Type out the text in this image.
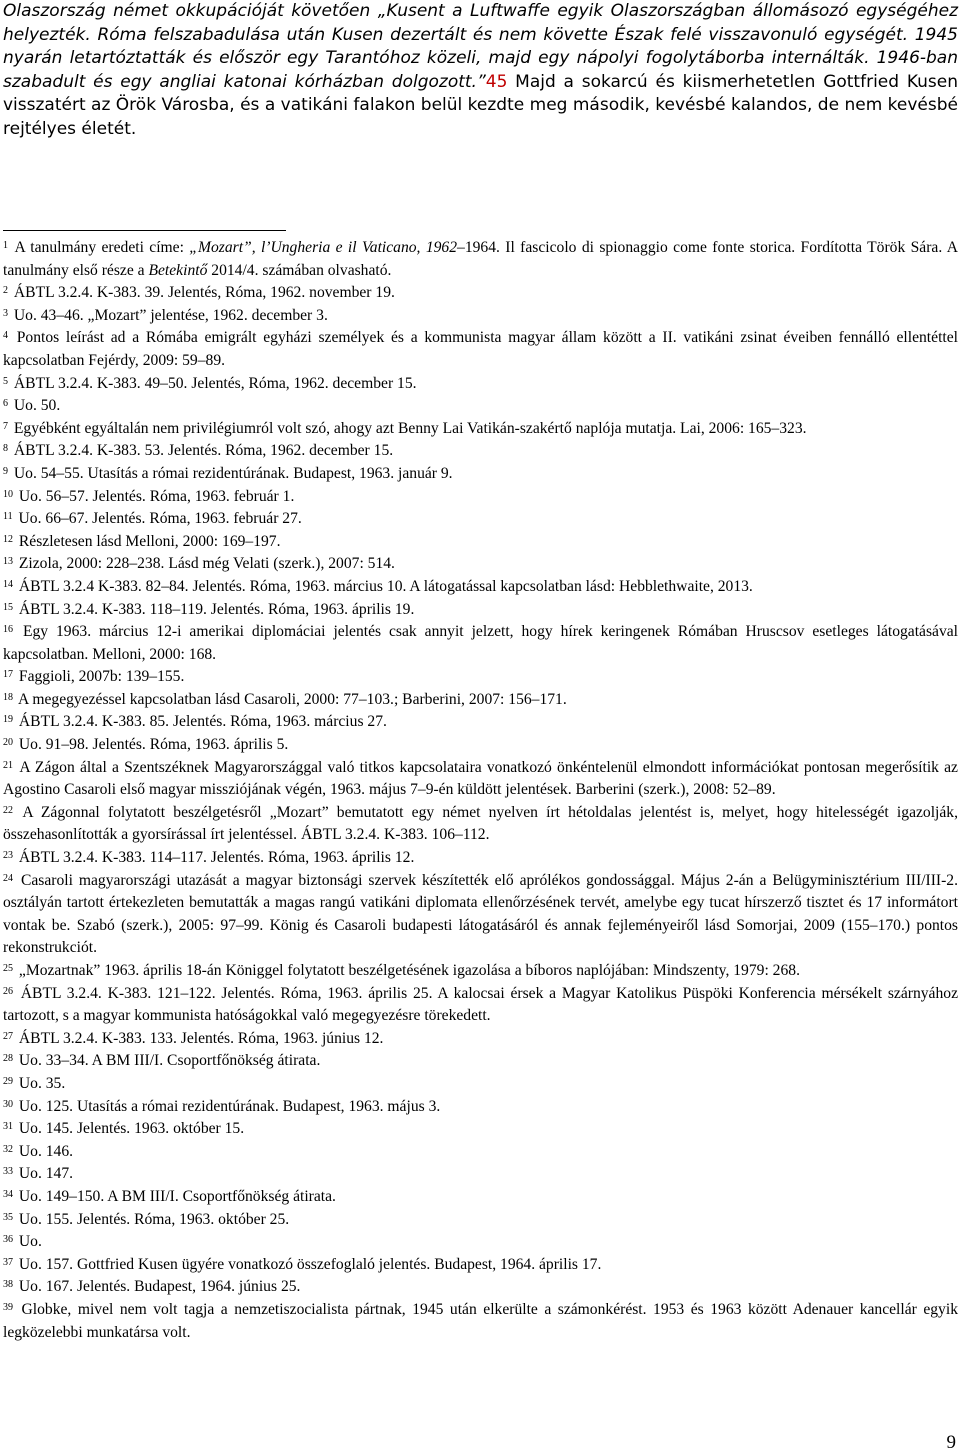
Olaszország német okkupációját követően „Kusent a Luftwaffe egyik Olaszországban állomásozó egységéhez helyezték. Róma felszabadulása után Kusen dezertált és nem követte Észak felé visszavonuló egységét. 1945 nyarán letartóztatták és először egy Tarantóhoz közeli, majd egy nápolyi fogolytáborba internálták. 1946-ban szabadult és egy angliai katonai kórházban dolgozott.”45 Majd a sokarcú és kiismerhetetlen Gottfried Kusen visszatért az Örök Városba, és a vatikáni falakon belül kezdte meg második, kevésbé kalandos, de nem kevésbé rejtélyes életét.

$^1$ A tanulmány eredeti címe: „Mozart”, l’Ungheria e il Vaticano, 1962–1964. Il fascicolo di spionaggio come fonte storica. Fordította Török Sára. A tanulmány első része a Betekintő 2014/4. számában olvasható.

$^2$ ÁBTL 3.2.4. K-383. 39. Jelentés, Róma, 1962. november 19.

$^3$ Uo. 43–46. „Mozart” jelentése, 1962. december 3.

$^4$ Pontos leírást ad a Rómába emigrált egyházi személyek és a kommunista magyar állam között a II. vatikáni zsinat éveiben fennálló ellentéttel kapcsolatban Fejérdy, 2009: 59–89.

$^5$ ÁBTL 3.2.4. K-383. 49–50. Jelentés, Róma, 1962. december 15.

$^6$ Uo. 50.

$^7$ Egyébként egyáltalán nem privilégiumról volt szó, ahogy azt Benny Lai Vatikán-szakértő naplója mutatja. Lai, 2006: 165–323.

$^8$ ÁBTL 3.2.4. K-383. 53. Jelentés. Róma, 1962. december 15.

$^9$ Uo. 54–55. Utasítás a római rezidentúrának. Budapest, 1963. január 9.

$^{10}$ Uo. 56–57. Jelentés. Róma, 1963. február 1.

$^{11}$ Uo. 66–67. Jelentés. Róma, 1963. február 27.

$^{12}$ Részletesen lásd Melloni, 2000: 169–197.

$^{13}$ Zizola, 2000: 228–238. Lásd még Velati (szerk.), 2007: 514.

$^{14}$ ÁBTL 3.2.4 K-383. 82–84. Jelentés. Róma, 1963. március 10. A látogatással kapcsolatban lásd: Hebblethwaite, 2013.

$^{15}$ ÁBTL 3.2.4. K-383. 118–119. Jelentés. Róma, 1963. április 19.

$^{16}$ Egy 1963. március 12-i amerikai diplomáciai jelentés csak annyit jelzett, hogy hírek keringenek Rómában Hruscsov esetleges látogatásával kapcsolatban. Melloni, 2000: 168.

$^{17}$ Faggioli, 2007b: 139–155.

$^{18}$ A megegyezéssel kapcsolatban lásd Casaroli, 2000: 77–103.; Barberini, 2007: 156–171.

$^{19}$ ÁBTL 3.2.4. K-383. 85. Jelentés. Róma, 1963. március 27.

$^{20}$ Uo. 91–98. Jelentés. Róma, 1963. április 5.

$^{21}$ A Zágon által a Szentszéknek Magyarországgal való titkos kapcsolataira vonatkozó önkéntelenül elmondott információkat pontosan megerősítik az Agostino Casaroli első magyar missziójának végén, 1963. május 7–9-én küldött jelentések. Barberini (szerk.), 2008: 52–89.

$^{22}$ A Zágonnal folytatott beszélgetésről „Mozart” bemutatott egy német nyelven írt hétoldalas jelentést is, melyet, hogy hitelességét igazolják, összehasonlították a gyorsírással írt jelentéssel. ÁBTL 3.2.4. K-383. 106–112.

$^{23}$ ÁBTL 3.2.4. K-383. 114–117. Jelentés. Róma, 1963. április 12.

$^{24}$ Casaroli magyarországi utazását a magyar biztonsági szervek készítették elő aprólékos gondossággal. Május 2-án a Belügyminisztérium III/III-2. osztályán tartott értekezleten bemutatták a magas rangú vatikáni diplomata ellenőrzésének tervét, amelybe egy tucat hírszerző tisztet és 17 informátort vontak be. Szabó (szerk.), 2005: 97–99. König és Casaroli budapesti látogatásáról és annak fejleményeiről lásd Somorjai, 2009 (155–170.) pontos rekonstrukciót.

$^{25}$ „Mozartnak” 1963. április 18-án Königgel folytatott beszélgetésének igazolása a bíboros naplójában: Mindszenty, 1979: 268.

$^{26}$ ÁBTL 3.2.4. K-383. 121–122. Jelentés. Róma, 1963. április 25. A kalocsai érsek a Magyar Katolikus Püspöki Konferencia mérsékelt szárnyához tartozott, s a magyar kommunista hatóságokkal való megegyezésre törekedett.

$^{27}$ ÁBTL 3.2.4. K-383. 133. Jelentés. Róma, 1963. június 12.

$^{28}$ Uo. 33–34. A BM III/I. Csoportfőnökség átirata.

$^{29}$ Uo. 35.

$^{30}$ Uo. 125. Utasítás a római rezidentúrának. Budapest, 1963. május 3.

$^{31}$ Uo. 145. Jelentés. 1963. október 15.

$^{32}$ Uo. 146.

$^{33}$ Uo. 147.

$^{34}$ Uo. 149–150. A BM III/I. Csoportfőnökség átirata.

$^{35}$ Uo. 155. Jelentés. Róma, 1963. október 25.

$^{36}$ Uo.

$^{37}$ Uo. 157. Gottfried Kusen ügyére vonatkozó összefoglaló jelentés. Budapest, 1964. április 17.

$^{38}$ Uo. 167. Jelentés. Budapest, 1964. június 25.

$^{39}$ Globke, mivel nem volt tagja a nemzetiszocialista pártnak, 1945 után elkerülte a számonkérést. 1953 és 1963 között Adenauer kancellár egyik legközelebbi munkatársa volt.

9
